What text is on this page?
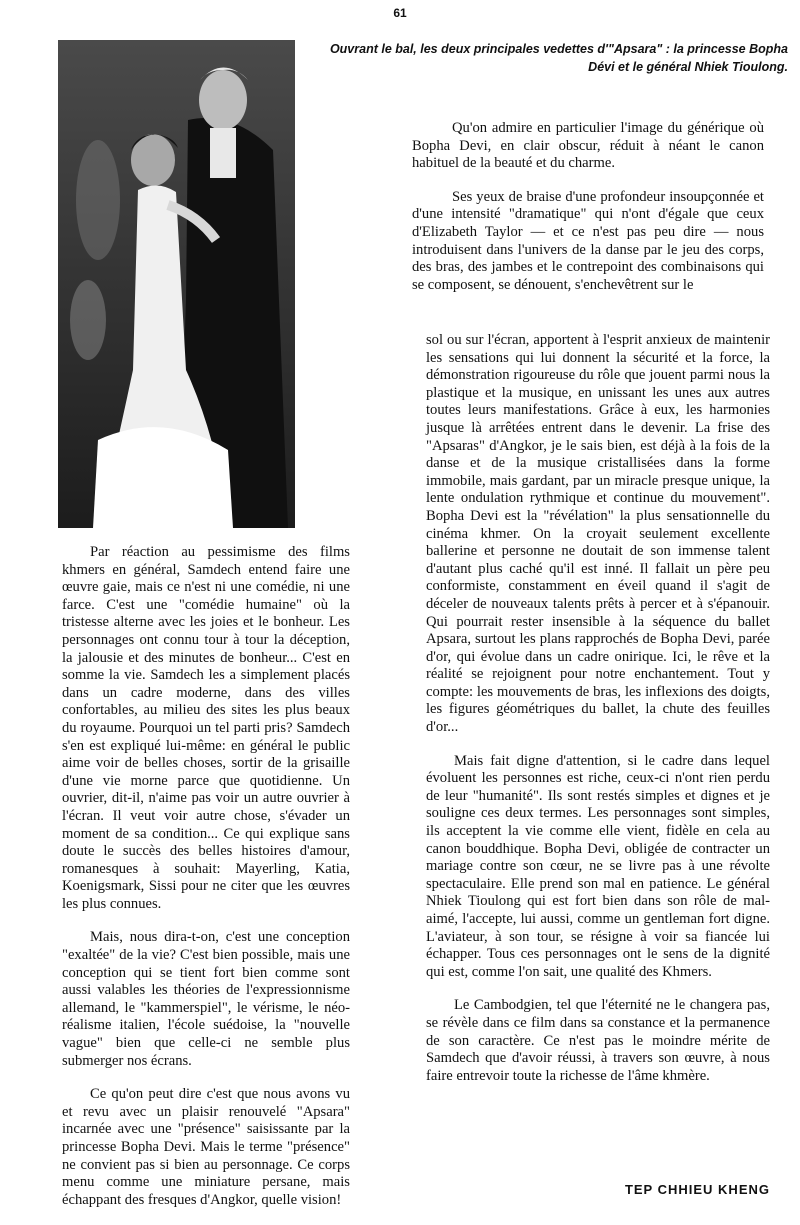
61
Ouvrant le bal, les deux principales vedettes d'"Apsara" : la princesse Bopha Dévi et le général Nhiek Tioulong.

Qu'on admire en particulier l'image du générique où Bopha Devi, en clair obscur, réduit à néant le canon habituel de la beauté et du charme.

Ses yeux de braise d'une profondeur insoupçonnée et d'une intensité "dramatique" qui n'ont d'égale que ceux d'Elizabeth Taylor — et ce n'est pas peu dire — nous introduisent dans l'univers de la danse par le jeu des corps, des bras, des jambes et le contrepoint des combinaisons qui se composent, se dénouent, s'enchevêtrent sur le

sol ou sur l'écran, apportent à l'esprit anxieux de maintenir les sensations qui lui donnent la sécurité et la force, la démonstration rigoureuse du rôle que jouent parmi nous la plastique et la musique, en unissant les unes aux autres toutes leurs manifestations. Grâce à eux, les harmonies jusque là arrêtées entrent dans le devenir. La frise des "Apsaras" d'Angkor, je le sais bien, est déjà à la fois de la danse et de la musique cristallisées dans la forme immobile, mais gardant, par un miracle presque unique, la lente ondulation rythmique et continue du mouvement". Bopha Devi est la "révélation" la plus sensationnelle du cinéma khmer. On la croyait seulement excellente ballerine et personne ne doutait de son immense talent d'autant plus caché qu'il est inné. Il fallait un père peu conformiste, constamment en éveil quand il s'agit de déceler de nouveaux talents prêts à percer et à s'épanouir. Qui pourrait rester insensible à la séquence du ballet Apsara, surtout les plans rapprochés de Bopha Devi, parée d'or, qui évolue dans un cadre onirique. Ici, le rêve et la réalité se rejoignent pour notre enchantement. Tout y compte: les mouvements de bras, les inflexions des doigts, les figures géométriques du ballet, la chute des feuilles d'or...

Mais fait digne d'attention, si le cadre dans lequel évoluent les personnes est riche, ceux-ci n'ont rien perdu de leur "humanité". Ils sont restés simples et dignes et je souligne ces deux termes. Les personnages sont simples, ils acceptent la vie comme elle vient, fidèle en cela au canon bouddhique. Bopha Devi, obligée de contracter un mariage contre son cœur, ne se livre pas à une révolte spectaculaire. Elle prend son mal en patience. Le général Nhiek Tioulong qui est fort bien dans son rôle de mal-aimé, l'accepte, lui aussi, comme un gentleman fort digne. L'aviateur, à son tour, se résigne à voir sa fiancée lui échapper. Tous ces personnages ont le sens de la dignité qui est, comme l'on sait, une qualité des Khmers.

Le Cambodgien, tel que l'éternité ne le changera pas, se révèle dans ce film dans sa constance et la permanence de son caractère. Ce n'est pas le moindre mérite de Samdech que d'avoir réussi, à travers son œuvre, à nous faire entrevoir toute la richesse de l'âme khmère.

Par réaction au pessimisme des films khmers en général, Samdech entend faire une œuvre gaie, mais ce n'est ni une comédie, ni une farce. C'est une "comédie humaine" où la tristesse alterne avec les joies et le bonheur. Les personnages ont connu tour à tour la déception, la jalousie et des minutes de bonheur... C'est en somme la vie. Samdech les a simplement placés dans un cadre moderne, dans des villes confortables, au milieu des sites les plus beaux du royaume. Pourquoi un tel parti pris? Samdech s'en est expliqué lui-même: en général le public aime voir de belles choses, sortir de la grisaille d'une vie morne parce que quotidienne. Un ouvrier, dit-il, n'aime pas voir un autre ouvrier à l'écran. Il veut voir autre chose, s'évader un moment de sa condition... Ce qui explique sans doute le succès des belles histoires d'amour, romanesques à souhait: Mayerling, Katia, Koenigsmark, Sissi pour ne citer que les œuvres les plus connues.

Mais, nous dira-t-on, c'est une conception "exaltée" de la vie? C'est bien possible, mais une conception qui se tient fort bien comme sont aussi valables les théories de l'expressionnisme allemand, le "kammerspiel", le vérisme, le néo-réalisme italien, l'école suédoise, la "nouvelle vague" bien que celle-ci ne semble plus submerger nos écrans.

Ce qu'on peut dire c'est que nous avons vu et revu avec un plaisir renouvelé "Apsara" incarnée avec une "présence" saisissante par la princesse Bopha Devi. Mais le terme "présence" ne convient pas si bien au personnage. Ce corps menu comme une miniature persane, mais échappant des fresques d'Angkor, quelle vision!

TEP CHHIEU KHENG
